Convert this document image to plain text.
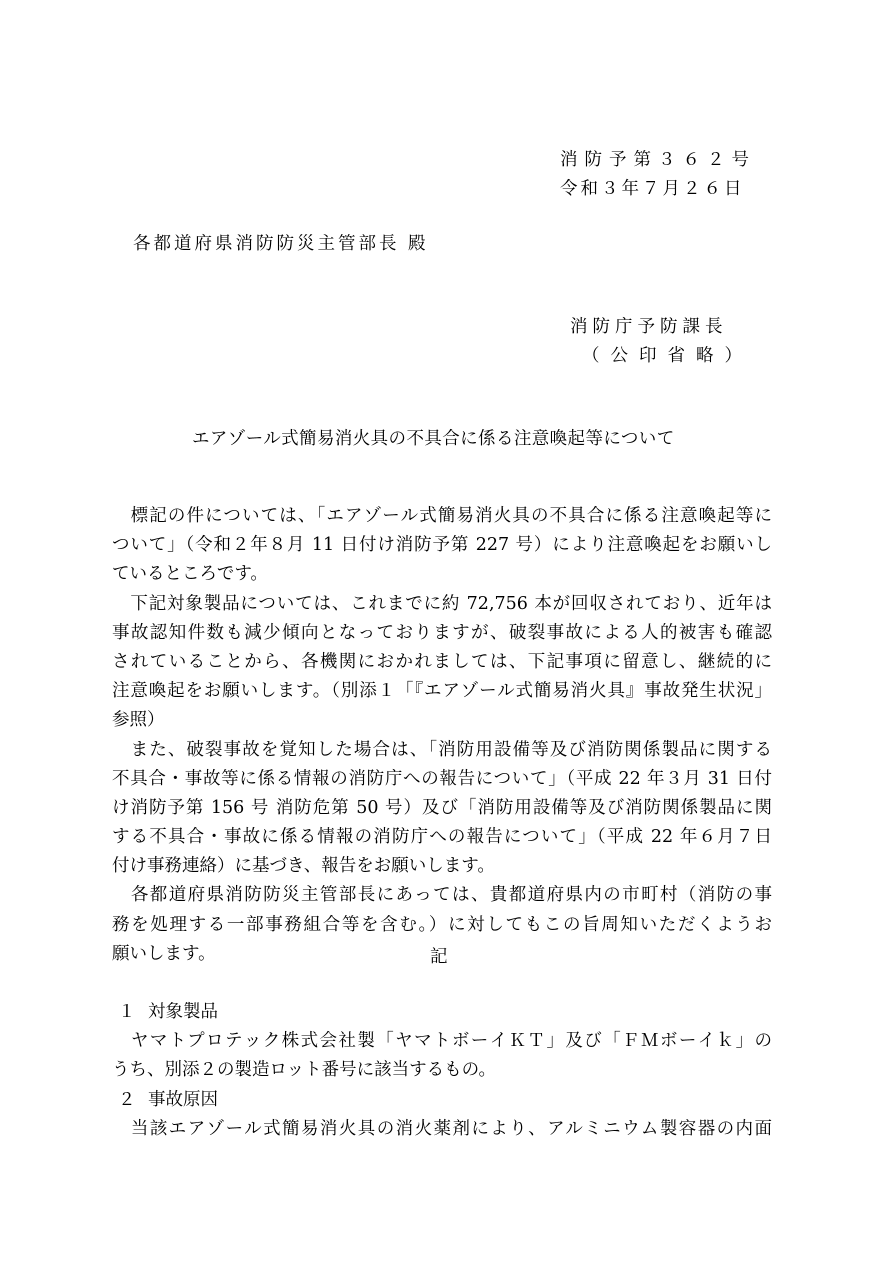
消防予第３６２号
令和３年７月２６日
各都道府県消防防災主管部長 殿
消防庁予防課長
（公印省略）
エアゾール式簡易消火具の不具合に係る注意喚起等について
　標記の件については、「エアゾール式簡易消火具の不具合に係る注意喚起等に
ついて」（令和２年８月 11 日付け消防予第 227 号）により注意喚起をお願いし
ているところです。
　下記対象製品については、これまでに約 72,756 本が回収されており、近年は
事故認知件数も減少傾向となっておりますが、破裂事故による人的被害も確認
されていることから、各機関におかれましては、下記事項に留意し、継続的に
注意喚起をお願いします。（別添１「『エアゾール式簡易消火具』事故発生状況」
参照）
　また、破裂事故を覚知した場合は、「消防用設備等及び消防関係製品に関する
不具合・事故等に係る情報の消防庁への報告について」（平成 22 年３月 31 日付
け消防予第 156 号 消防危第 50 号）及び「消防用設備等及び消防関係製品に関
する不具合・事故に係る情報の消防庁への報告について」（平成 22 年６月７日
付け事務連絡）に基づき、報告をお願いします。
　各都道府県消防防災主管部長にあっては、貴都道府県内の市町村（消防の事
務を処理する一部事務組合等を含む。）に対してもこの旨周知いただくようお
願いします。	記
１ 対象製品
　ヤマトプロテック株式会社製「ヤマトボーイＫＴ」及び「ＦＭボーイｋ」の
うち、別添２の製造ロット番号に該当するもの。
２ 事故原因
　当該エアゾール式簡易消火具の消火薬剤により、アルミニウム製容器の内面
